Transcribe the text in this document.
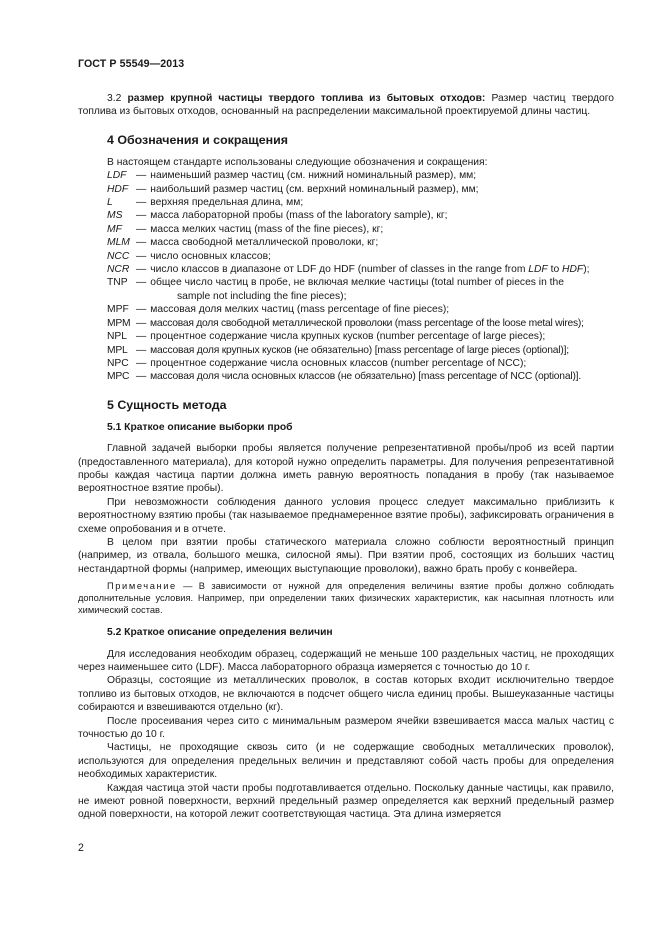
ГОСТ Р 55549—2013

3.2 размер крупной частицы твердого топлива из бытовых отходов: Размер частиц твердого топлива из бытовых отходов, основанный на распределении максимальной проектируемой длины частиц.

4 Обозначения и сокращения

В настоящем стандарте использованы следующие обозначения и сокращения:

LDF — наименьший размер частиц (см. нижний номинальный размер), мм;
HDF — наибольший размер частиц (см. верхний номинальный размер), мм;
L	— верхняя предельная длина, мм;
MS	— масса лабораторной пробы (mass of the laboratory sample), кг;
MF	— масса мелких частиц (mass of the fine pieces), кг;
MLM — масса свободной металлической проволоки, кг;
NCC — число основных классов;
NCR — число классов в диапазоне от LDF до HDF (number of classes in the range from LDF to HDF);
TNP — общее число частиц в пробе, не включая мелкие частицы (total number of pieces in the
sample not including the fine pieces);
MPF — массовая доля мелких частиц (mass percentage of fine pieces);
MPM — массовая доля свободной металлической проволоки (mass percentage of the loose metal wires);
NPL — процентное содержание числа крупных кусков (number percentage of large pieces);
MPL — массовая доля крупных кусков (не обязательно) [mass percentage of large pieces (optional)];
NPC — процентное содержание числа основных классов (number percentage of NCC);
MPC — массовая доля числа основных классов (не обязательно) [mass percentage of NCC (optional)].
5 Сущность метода
5.1 Краткое описание выборки проб

Главной задачей выборки пробы является получение репрезентативной пробы/проб из всей партии (предоставленного материала), для которой нужно определить параметры. Для получения репрезентативной пробы каждая частица партии должна иметь равную вероятность попадания в пробу (так называемое вероятностное взятие пробы).

При невозможности соблюдения данного условия процесс следует максимально приблизить к вероятностному взятию пробы (так называемое преднамеренное взятие пробы), зафиксировать ограничения в схеме опробования и в отчете.

В целом при взятии пробы статического материала сложно соблюсти вероятностный принцип (например, из отвала, большого мешка, силосной ямы). При взятии проб, состоящих из больших частиц нестандартной формы (например, имеющих выступающие проволоки), важно брать пробу с конвейера.

Примечание — В зависимости от нужной для определения величины взятие пробы должно соблюдать дополнительные условия. Например, при определении таких физических характеристик, как насыпная плотность или химический состав.

5.2 Краткое описание определения величин

Для исследования необходим образец, содержащий не меньше 100 раздельных частиц, не проходящих через наименьшее сито (LDF). Масса лабораторного образца измеряется с точностью до 10 г.

Образцы, состоящие из металлических проволок, в состав которых входит исключительно твердое топливо из бытовых отходов, не включаются в подсчет общего числа единиц пробы. Вышеуказанные частицы собираются и взвешиваются отдельно (кг).

После просеивания через сито с минимальным размером ячейки взвешивается масса малых частиц с точностью до 10 г.

Частицы, не проходящие сквозь сито (и не содержащие свободных металлических проволок), используются для определения предельных величин и представляют собой часть пробы для определения необходимых характеристик.

Каждая частица этой части пробы подготавливается отдельно. Поскольку данные частицы, как правило, не имеют ровной поверхности, верхний предельный размер определяется как верхний предельный размер одной поверхности, на которой лежит соответствующая частица. Эта длина измеряется

2
